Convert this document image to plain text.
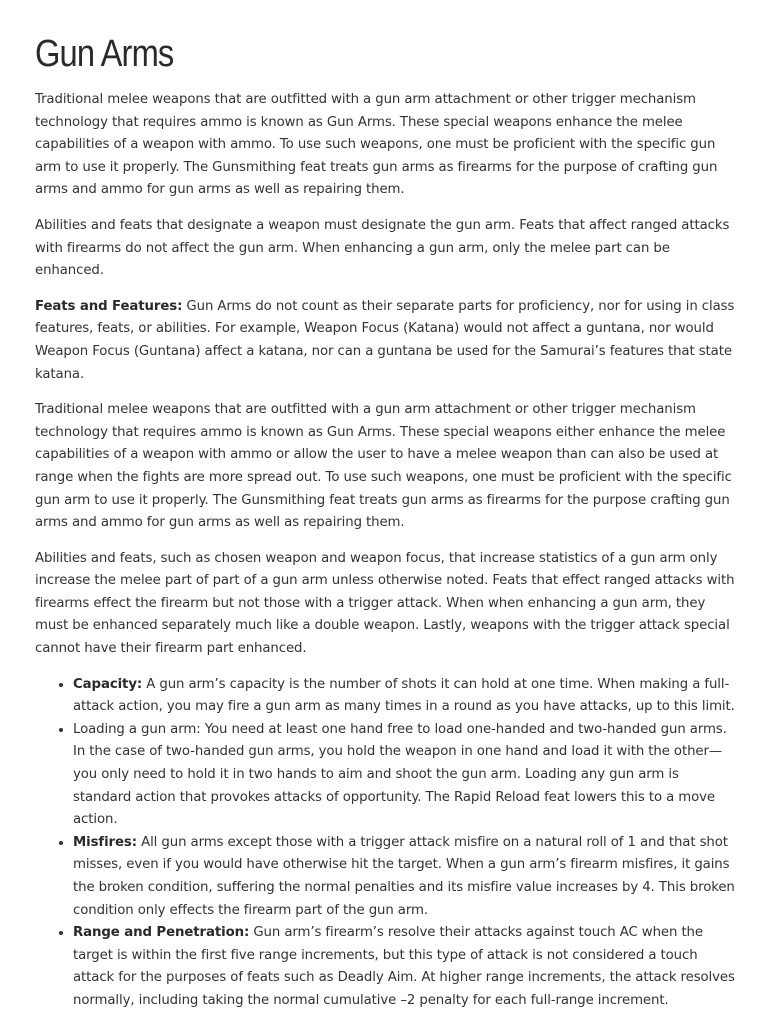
Gun Arms

Traditional melee weapons that are outfitted with a gun arm attachment or other trigger mechanism technology that requires ammo is known as Gun Arms. These special weapons enhance the melee capabilities of a weapon with ammo. To use such weapons, one must be proficient with the specific gun arm to use it properly. The Gunsmithing feat treats gun arms as firearms for the purpose of crafting gun arms and ammo for gun arms as well as repairing them.

Abilities and feats that designate a weapon must designate the gun arm. Feats that affect ranged attacks with firearms do not affect the gun arm. When enhancing a gun arm, only the melee part can be enhanced.

Feats and Features: Gun Arms do not count as their separate parts for proficiency, nor for using in class features, feats, or abilities. For example, Weapon Focus (Katana) would not affect a guntana, nor would Weapon Focus (Guntana) affect a katana, nor can a guntana be used for the Samurai’s features that state katana.

Traditional melee weapons that are outfitted with a gun arm attachment or other trigger mechanism technology that requires ammo is known as Gun Arms. These special weapons either enhance the melee capabilities of a weapon with ammo or allow the user to have a melee weapon than can also be used at range when the fights are more spread out. To use such weapons, one must be proficient with the specific gun arm to use it properly. The Gunsmithing feat treats gun arms as firearms for the purpose crafting gun arms and ammo for gun arms as well as repairing them.

Abilities and feats, such as chosen weapon and weapon focus, that increase statistics of a gun arm only increase the melee part of part of a gun arm unless otherwise noted. Feats that effect ranged attacks with firearms effect the firearm but not those with a trigger attack. When when enhancing a gun arm, they must be enhanced separately much like a double weapon. Lastly, weapons with the trigger attack special cannot have their firearm part enhanced.

• Capacity: A gun arm’s capacity is the number of shots it can hold at one time. When making a full-attack action, you may fire a gun arm as many times in a round as you have attacks, up to this limit.
• Loading a gun arm: You need at least one hand free to load one-handed and two-handed gun arms. In the case of two-handed gun arms, you hold the weapon in one hand and load it with the other—you only need to hold it in two hands to aim and shoot the gun arm. Loading any gun arm is standard action that provokes attacks of opportunity. The Rapid Reload feat lowers this to a move action.
• Misfires: All gun arms except those with a trigger attack misfire on a natural roll of 1 and that shot misses, even if you would have otherwise hit the target. When a gun arm’s firearm misfires, it gains the broken condition, suffering the normal penalties and its misfire value increases by 4. This broken condition only effects the firearm part of the gun arm.
• Range and Penetration: Gun arm’s firearm’s resolve their attacks against touch AC when the target is within the first five range increments, but this type of attack is not considered a touch attack for the purposes of feats such as Deadly Aim. At higher range increments, the attack resolves normally, including taking the normal cumulative –2 penalty for each full-range increment.
